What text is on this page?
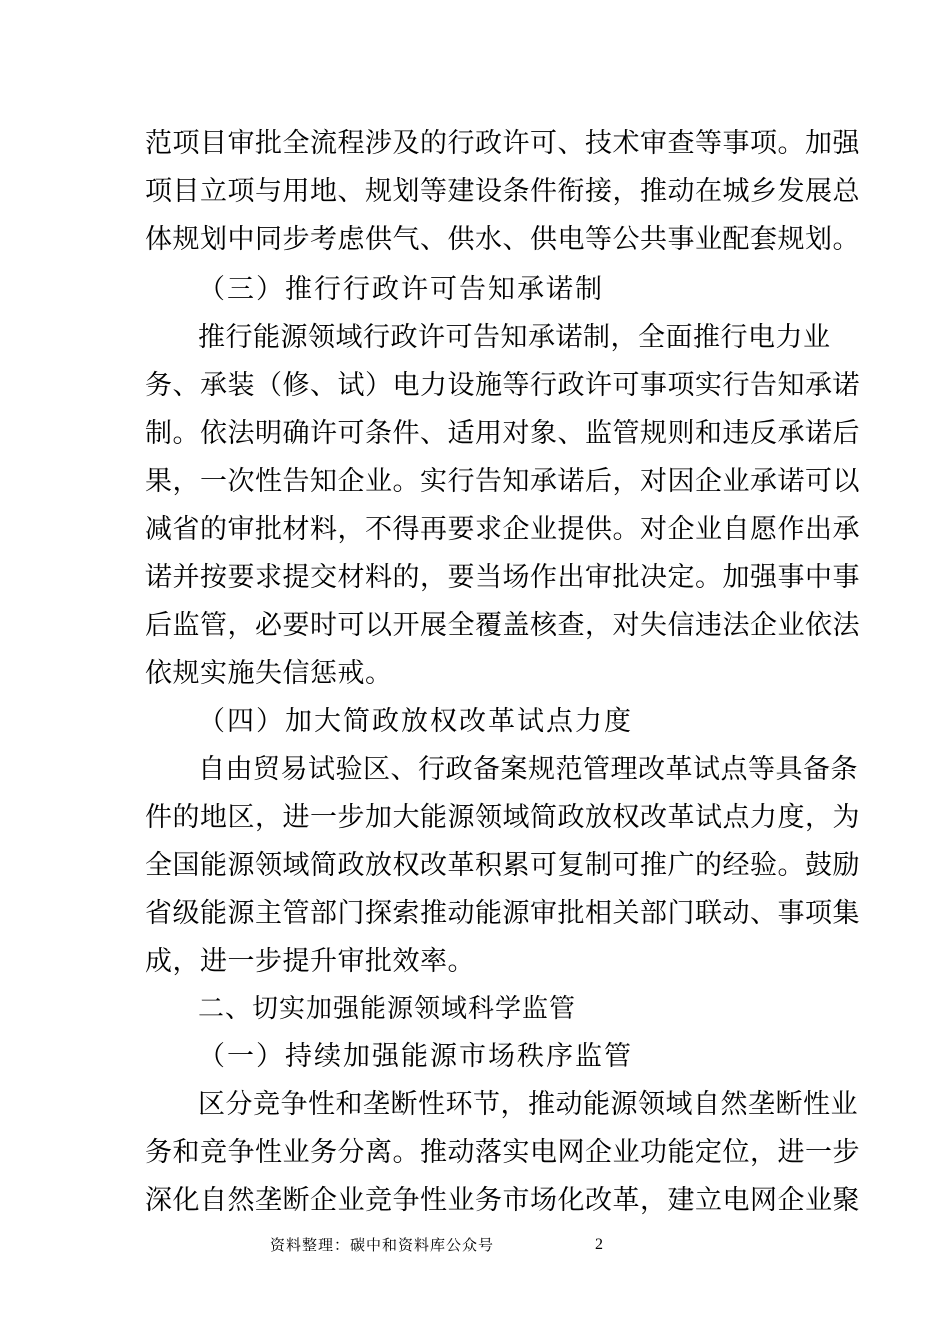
范项目审批全流程涉及的行政许可、技术审查等事项。加强
项目立项与用地、规划等建设条件衔接，推动在城乡发展总
体规划中同步考虑供气、供水、供电等公共事业配套规划。
（三）推行行政许可告知承诺制
推行能源领域行政许可告知承诺制，全面推行电力业
务、承装（修、试）电力设施等行政许可事项实行告知承诺
制。依法明确许可条件、适用对象、监管规则和违反承诺后
果，一次性告知企业。实行告知承诺后，对因企业承诺可以
减省的审批材料，不得再要求企业提供。对企业自愿作出承
诺并按要求提交材料的，要当场作出审批决定。加强事中事
后监管，必要时可以开展全覆盖核查，对失信违法企业依法
依规实施失信惩戒。
（四）加大简政放权改革试点力度
自由贸易试验区、行政备案规范管理改革试点等具备条
件的地区，进一步加大能源领域简政放权改革试点力度，为
全国能源领域简政放权改革积累可复制可推广的经验。鼓励
省级能源主管部门探索推动能源审批相关部门联动、事项集
成，进一步提升审批效率。
二、切实加强能源领域科学监管
（一）持续加强能源市场秩序监管
区分竞争性和垄断性环节，推动能源领域自然垄断性业
务和竞争性业务分离。推动落实电网企业功能定位，进一步
深化自然垄断企业竞争性业务市场化改革，建立电网企业聚
资料整理：碳中和资料库公众号	2
